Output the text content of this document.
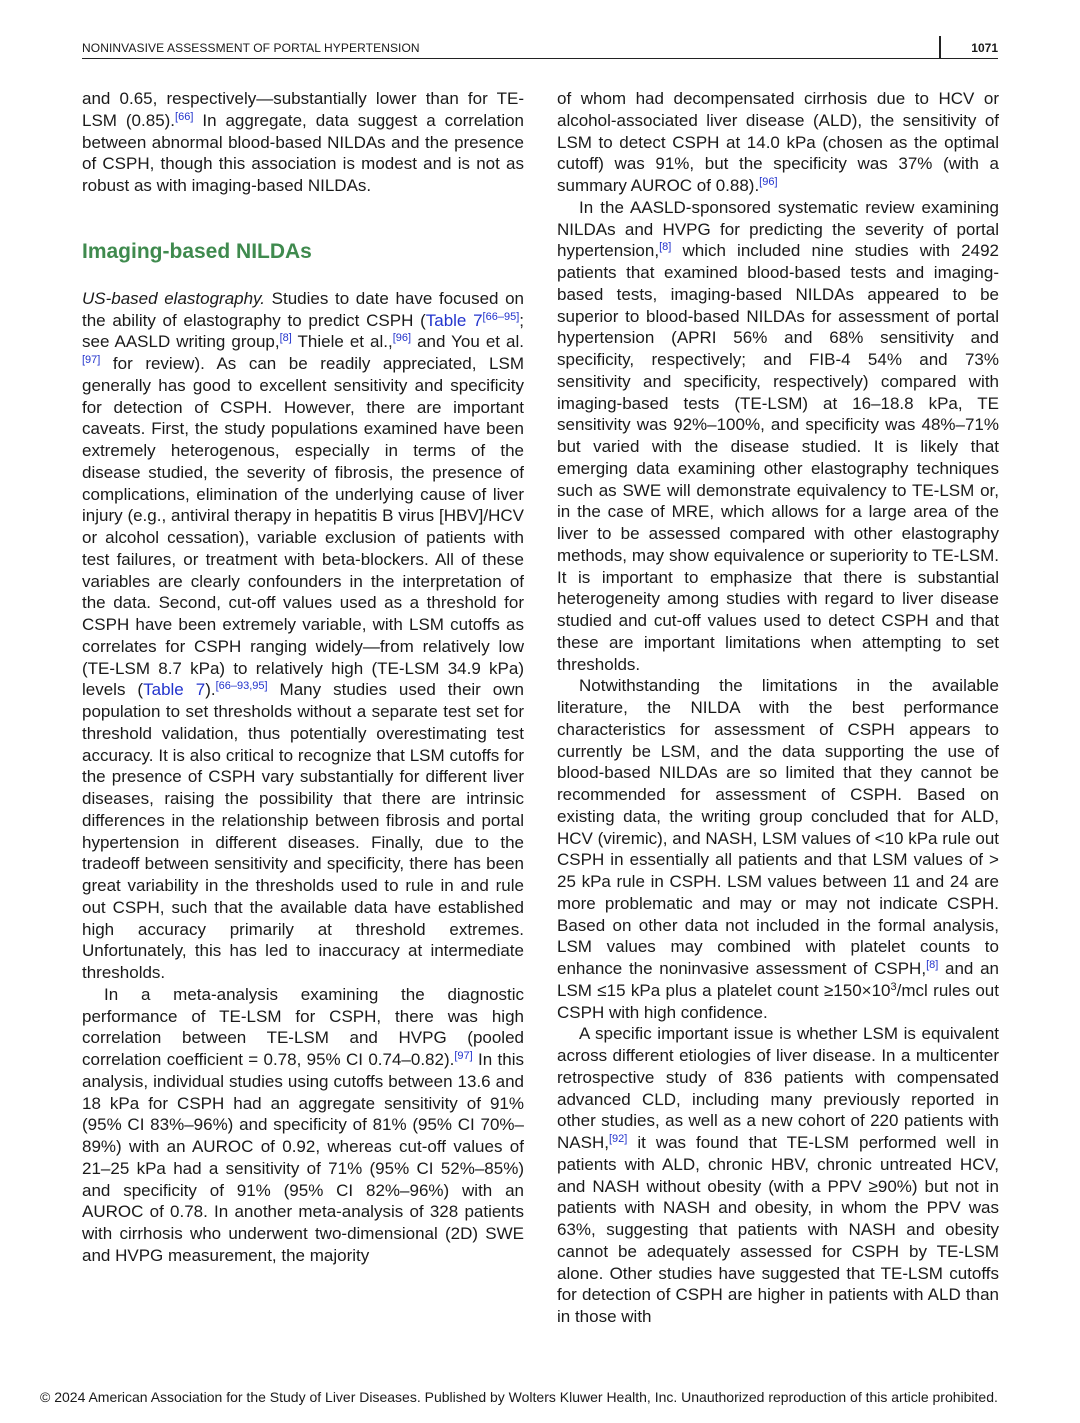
NONINVASIVE ASSESSMENT OF PORTAL HYPERTENSION	1071

and 0.65, respectively—substantially lower than for TE-LSM (0.85).[66] In aggregate, data suggest a correlation between abnormal blood-based NILDAs and the presence of CSPH, though this association is modest and is not as robust as with imaging-based NILDAs.

Imaging-based NILDAs

US-based elastography. Studies to date have focused on the ability of elastography to predict CSPH (Table 7[66–95]; see AASLD writing group,[8] Thiele et al.,[96] and You et al.[97] for review). As can be readily appreciated, LSM generally has good to excellent sensitivity and specificity for detection of CSPH. However, there are important caveats. First, the study populations examined have been extremely heterogenous, especially in terms of the disease studied, the severity of fibrosis, the presence of complications, elimination of the underlying cause of liver injury (e.g., antiviral therapy in hepatitis B virus [HBV]/HCV or alcohol cessation), variable exclusion of patients with test failures, or treatment with beta-blockers. All of these variables are clearly confounders in the interpretation of the data. Second, cut-off values used as a threshold for CSPH have been extremely variable, with LSM cutoffs as correlates for CSPH ranging widely—from relatively low (TE-LSM 8.7 kPa) to relatively high (TE-LSM 34.9 kPa) levels (Table 7).[66–93,95] Many studies used their own population to set thresholds without a separate test set for threshold validation, thus potentially overestimating test accuracy. It is also critical to recognize that LSM cutoffs for the presence of CSPH vary substantially for different liver diseases, raising the possibility that there are intrinsic differences in the relationship between fibrosis and portal hypertension in different diseases. Finally, due to the tradeoff between sensitivity and specificity, there has been great variability in the thresholds used to rule in and rule out CSPH, such that the available data have established high accuracy primarily at threshold extremes. Unfortunately, this has led to inaccuracy at intermediate thresholds.

In a meta-analysis examining the diagnostic performance of TE-LSM for CSPH, there was high correlation between TE-LSM and HVPG (pooled correlation coefficient = 0.78, 95% CI 0.74–0.82).[97] In this analysis, individual studies using cutoffs between 13.6 and 18 kPa for CSPH had an aggregate sensitivity of 91% (95% CI 83%–96%) and specificity of 81% (95% CI 70%–89%) with an AUROC of 0.92, whereas cut-off values of 21–25 kPa had a sensitivity of 71% (95% CI 52%–85%) and specificity of 91% (95% CI 82%–96%) with an AUROC of 0.78. In another meta-analysis of 328 patients with cirrhosis who underwent two-dimensional (2D) SWE and HVPG measurement, the majority

of whom had decompensated cirrhosis due to HCV or alcohol-associated liver disease (ALD), the sensitivity of LSM to detect CSPH at 14.0 kPa (chosen as the optimal cutoff) was 91%, but the specificity was 37% (with a summary AUROC of 0.88).[96]

In the AASLD-sponsored systematic review examining NILDAs and HVPG for predicting the severity of portal hypertension,[8] which included nine studies with 2492 patients that examined blood-based tests and imaging-based tests, imaging-based NILDAs appeared to be superior to blood-based NILDAs for assessment of portal hypertension (APRI 56% and 68% sensitivity and specificity, respectively; and FIB-4 54% and 73% sensitivity and specificity, respectively) compared with imaging-based tests (TE-LSM) at 16–18.8 kPa, TE sensitivity was 92%–100%, and specificity was 48%–71% but varied with the disease studied. It is likely that emerging data examining other elastography techniques such as SWE will demonstrate equivalency to TE-LSM or, in the case of MRE, which allows for a large area of the liver to be assessed compared with other elastography methods, may show equivalence or superiority to TE-LSM. It is important to emphasize that there is substantial heterogeneity among studies with regard to liver disease studied and cut-off values used to detect CSPH and that these are important limitations when attempting to set thresholds.

Notwithstanding the limitations in the available literature, the NILDA with the best performance characteristics for assessment of CSPH appears to currently be LSM, and the data supporting the use of blood-based NILDAs are so limited that they cannot be recommended for assessment of CSPH. Based on existing data, the writing group concluded that for ALD, HCV (viremic), and NASH, LSM values of <10 kPa rule out CSPH in essentially all patients and that LSM values of > 25 kPa rule in CSPH. LSM values between 11 and 24 are more problematic and may or may not indicate CSPH. Based on other data not included in the formal analysis, LSM values may combined with platelet counts to enhance the noninvasive assessment of CSPH,[8] and an LSM ≤15 kPa plus a platelet count $\ge 150\times 10^3$/mcl rules out CSPH with high confidence.

A specific important issue is whether LSM is equivalent across different etiologies of liver disease. In a multicenter retrospective study of 836 patients with compensated advanced CLD, including many previously reported in other studies, as well as a new cohort of 220 patients with NASH,[92] it was found that TE-LSM performed well in patients with ALD, chronic HBV, chronic untreated HCV, and NASH without obesity (with a PPV ≥90%) but not in patients with NASH and obesity, in whom the PPV was 63%, suggesting that patients with NASH and obesity cannot be adequately assessed for CSPH by TE-LSM alone. Other studies have suggested that TE-LSM cutoffs for detection of CSPH are higher in patients with ALD than in those with

© 2024 American Association for the Study of Liver Diseases. Published by Wolters Kluwer Health, Inc. Unauthorized reproduction of this article prohibited.
